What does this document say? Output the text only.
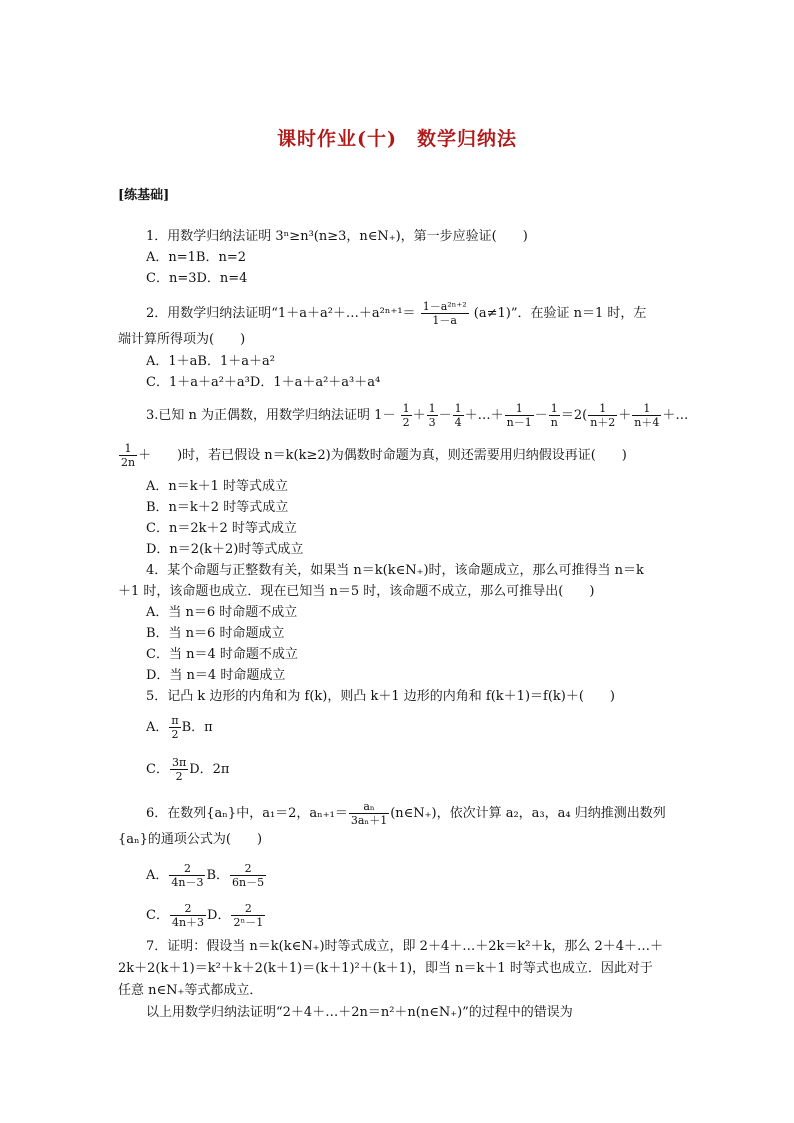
课时作业(十)　数学归纳法
[练基础]
1．用数学归纳法证明 3ⁿ≥n³(n≥3，n∈N₊)，第一步应验证(　　)
A．n=1B．n=2
C．n=3D．n=4
2．用数学归纳法证明“1＋a＋a²＋…＋a²ⁿ⁺¹＝ $\frac{\text{1－a²ⁿ⁺²}}{1-a} (a\ne 1)$”．在验证 n＝1 时，左
端计算所得项为(　　)
A．1＋aB．1＋a＋a²
C．1＋a＋a²＋a³D．1＋a＋a²＋a³＋a⁴
3.已知 n 为正偶数，用数学归纳法证明 $1- \frac{1}{2} + \frac{1}{3} - \frac{1}{4}$ ＋…＋ $\frac{1}{n-1} - \frac{1}{n} =2( \frac{1}{n+2} + \frac{1}{n+4}$ ＋…
$\frac{1}{2n}$ ＋　　)时，若已假设 n＝k(k≥2)为偶数时命题为真，则还需要用归纳假设再证(　　)
A．n＝k＋1 时等式成立
B．n＝k＋2 时等式成立
C．n＝2k＋2 时等式成立
D．n＝2(k＋2)时等式成立
4．某个命题与正整数有关，如果当 n＝k(k∈N₊)时，该命题成立，那么可推得当 n＝k
＋1 时，该命题也成立．现在已知当 n＝5 时，该命题不成立，那么可推导出(　　)
A．当 n＝6 时命题不成立
B．当 n＝6 时命题成立
C．当 n＝4 时命题不成立
D．当 n＝4 时命题成立
5．记凸 k 边形的内角和为 f(k)，则凸 k＋1 边形的内角和 f(k＋1)＝f(k)＋(　　)
A． $\frac{\pi}{2}$ B．π
C． $\frac{3\pi}{2}$ D．2π
6．在数列{aₙ}中，a₁＝2，$a_{n+1}= \frac{\text{aₙ}}{\text{3aₙ＋1}}$ (n∈N₊)，依次计算 a₂，a₃，a₄ 归纳推测出数列
{aₙ}的通项公式为(　　)
A． $\frac{2}{4n-3}$ B． $\frac{2}{6n-5}$
C． $\frac{2}{4n+3}$ D． $\frac{2}{\text{2ⁿ－1}}$
7．证明：假设当 n＝k(k∈N₊)时等式成立，即 2＋4＋…＋2k＝k²＋k，那么 2＋4＋…＋
2k＋2(k＋1)＝k²＋k＋2(k＋1)＝(k＋1)²＋(k＋1)，即当 n＝k＋1 时等式也成立．因此对于
任意 n∈N₊等式都成立．
以上用数学归纳法证明“2＋4＋…＋2n＝n²＋n(n∈N₊)”的过程中的错误为
